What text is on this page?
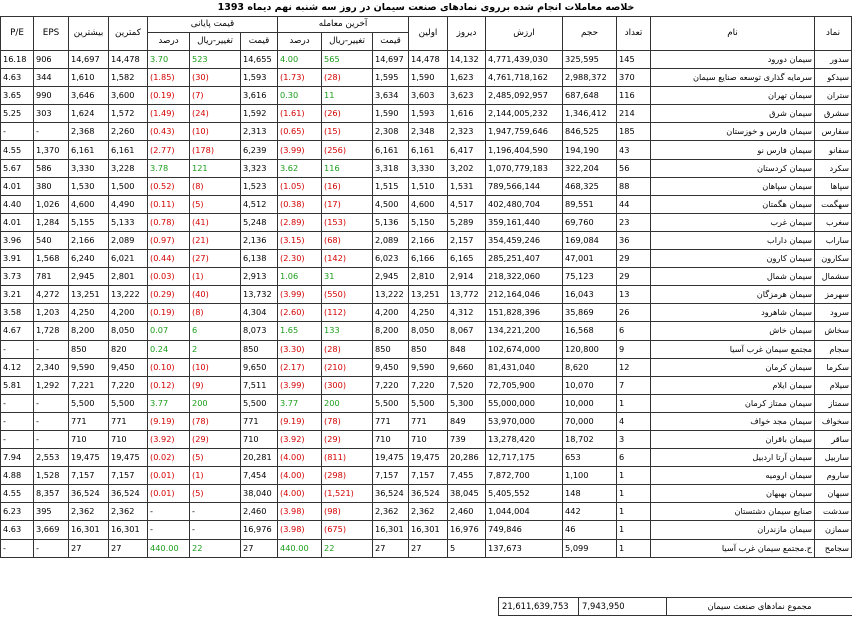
خلاصه معاملات انجام شده برروی نمادهای صنعت سیمان در روز سه شنبه نهم دیماه 1393
نماد	نام	تعداد	حجم	ارزش	دیروز	اولین	آخرین معامله			قیمت پایانی			کمترین	بیشترین	EPS	P/E
							قیمت	تغییر-ریال	درصد	قیمت	تغییر-ریال	درصد				
سدور	سیمان دورود	145	325,595	4,771,439,030	14,132	14,478	14,697	565	4.00	14,655	523	3.70	14,478	14,697	906	16.18
سیدکو	سرمایه گذاری توسعه صنایع سیمان	370	2,988,372	4,761,718,162	1,623	1,590	1,595	(28)	(1.73)	1,593	(30)	(1.85)	1,582	1,610	344	4.63
ستران	سیمان تهران	116	687,648	2,485,092,957	3,623	3,603	3,634	11	0.30	3,616	(7)	(0.19)	3,600	3,646	990	3.65
سشرق	سیمان شرق	214	1,346,412	2,144,005,232	1,616	1,593	1,590	(26)	(1.61)	1,592	(24)	(1.49)	1,572	1,624	303	5.25
سفارس	سیمان فارس و خوزستان	185	846,525	1,947,759,646	2,323	2,348	2,308	(15)	(0.65)	2,313	(10)	(0.43)	2,260	2,368	-	-
سفانو	سیمان فارس نو	43	194,190	1,196,404,590	6,417	6,161	6,161	(256)	(3.99)	6,239	(178)	(2.77)	6,161	6,161	1,370	4.55
سکرد	سیمان کردستان	56	322,204	1,070,779,183	3,202	3,330	3,318	116	3.62	3,323	121	3.78	3,228	3,330	586	5.67
سپاها	سیمان سپاهان	88	468,325	789,566,144	1,531	1,510	1,515	(16)	(1.05)	1,523	(8)	(0.52)	1,500	1,530	380	4.01
سهگمت	سیمان هگمتان	44	89,551	402,480,704	4,517	4,600	4,500	(17)	(0.38)	4,512	(5)	(0.11)	4,490	4,600	1,026	4.40
سغرب	سیمان غرب	23	69,760	359,161,440	5,289	5,150	5,136	(153)	(2.89)	5,248	(41)	(0.78)	5,133	5,155	1,284	4.01
ساراب	سیمان داراب	36	169,084	354,459,246	2,157	2,166	2,089	(68)	(3.15)	2,136	(21)	(0.97)	2,089	2,166	540	3.96
سکارون	سیمان کارون	29	47,001	285,251,407	6,165	6,166	6,023	(142)	(2.30)	6,138	(27)	(0.44)	6,021	6,240	1,568	3.91
سشمال	سیمان شمال	29	75,123	218,322,060	2,914	2,810	2,945	31	1.06	2,913	(1)	(0.03)	2,801	2,945	781	3.73
سهرمز	سیمان هرمزگان	13	16,043	212,164,046	13,772	13,251	13,222	(550)	(3.99)	13,732	(40)	(0.29)	13,222	13,251	4,272	3.21
سرود	سیمان شاهرود	26	35,869	151,828,396	4,312	4,250	4,200	(112)	(2.60)	4,304	(8)	(0.19)	4,200	4,250	1,203	3.58
سخاش	سیمان خاش	6	16,568	134,221,200	8,067	8,050	8,200	133	1.65	8,073	6	0.07	8,050	8,200	1,728	4.67
سجام	مجتمع سیمان غرب آسیا	9	120,800	102,674,000	848	850	850	(28)	(3.30)	850	2	0.24	820	850	-	-
سکرما	سیمان کرمان	12	8,620	81,431,040	9,660	9,590	9,450	(210)	(2.17)	9,650	(10)	(0.10)	9,450	9,590	2,340	4.12
سیلام	سیمان ایلام	7	10,070	72,705,900	7,520	7,220	7,220	(300)	(3.99)	7,511	(9)	(0.12)	7,220	7,221	1,292	5.81
سمتاز	سیمان ممتاز کرمان	1	10,000	55,000,000	5,300	5,500	5,500	200	3.77	5,500	200	3.77	5,500	5,500	-	-
سخواف	سیمان مجد خواف	4	70,000	53,970,000	849	771	771	(78)	(9.19)	771	(78)	(9.19)	771	771	-	-
ساقر	سیمان باقران	3	18,702	13,278,420	739	710	710	(29)	(3.92)	710	(29)	(3.92)	710	710	-	-
ساربیل	سیمان آرتا اردبیل	6	653	12,717,175	20,286	19,475	19,475	(811)	(4.00)	20,281	(5)	(0.02)	19,475	19,475	2,553	7.94
ساروم	سیمان ارومیه	1	1,100	7,872,700	7,455	7,157	7,157	(298)	(4.00)	7,454	(1)	(0.01)	7,157	7,157	1,528	4.88
سبهان	سیمان بهبهان	1	148	5,405,552	38,045	36,524	36,524	(1,521)	(4.00)	38,040	(5)	(0.01)	36,524	36,524	8,357	4.55
سدشت	صنایع سیمان دشتستان	1	442	1,044,004	2,460	2,362	2,362	(98)	(3.98)	2,460	-	-	2,362	2,362	395	6.23
سمازن	سیمان مازندران	1	46	749,846	16,976	16,301	16,301	(675)	(3.98)	16,976	-	-	16,301	16,301	3,669	4.63
سجامح	ح.مجتمع سیمان غرب آسیا	1	5,099	137,673	5	27	27	22	440.00	27	22	440.00	27	27	-	-
مجموع نمادهای صنعت سیمان	7,943,950	21,611,639,753
